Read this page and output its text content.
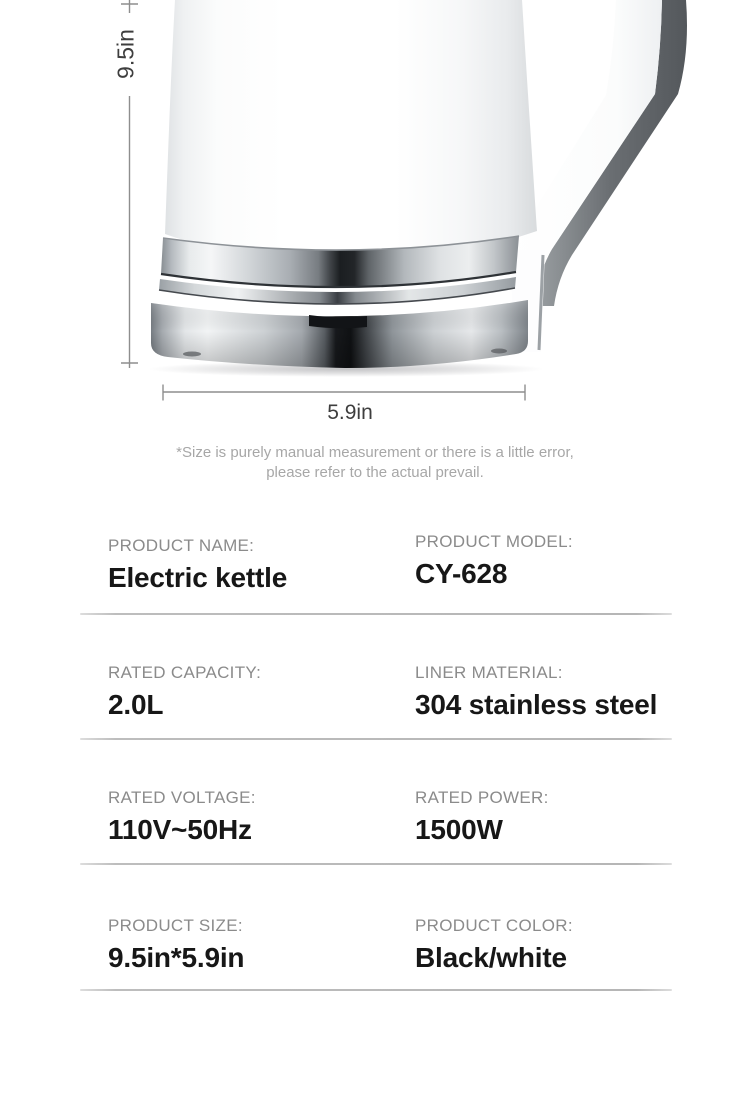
9.5in
5.9in
*Size is purely manual measurement or there is a little error,
please refer to the actual prevail.
PRODUCT NAME:
Electric kettle
PRODUCT MODEL:
CY-628
RATED CAPACITY:
2.0L
LINER MATERIAL:
304 stainless steel
RATED VOLTAGE:
110V~50Hz
RATED POWER:
1500W
PRODUCT SIZE:
9.5in*5.9in
PRODUCT COLOR:
Black/white
